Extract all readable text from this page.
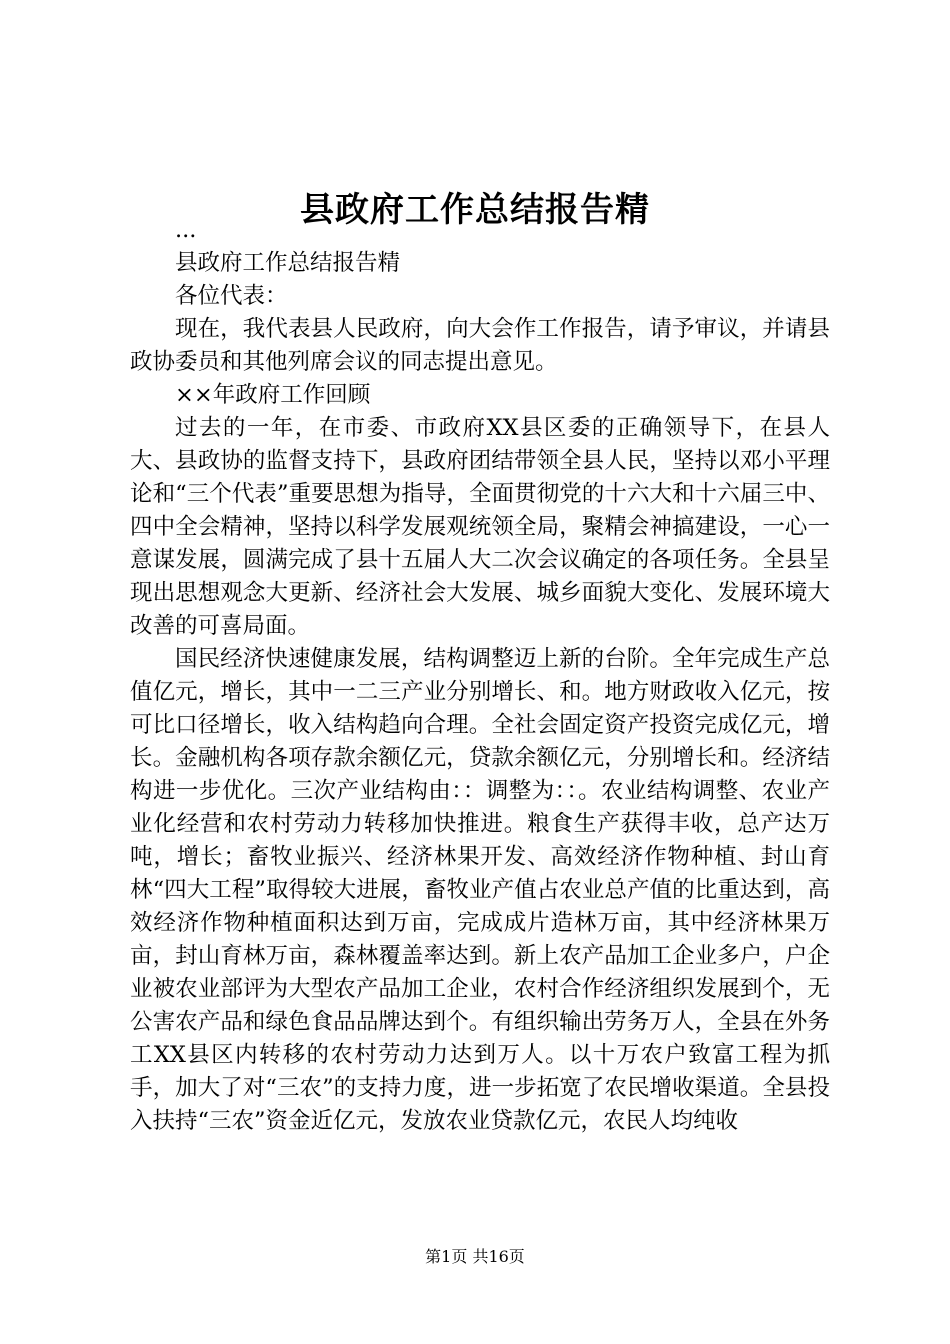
县政府工作总结报告精

...

县政府工作总结报告精

各位代表：

现在，我代表县人民政府，向大会作工作报告，请予审议，并请县政协委员和其他列席会议的同志提出意见。

××年政府工作回顾

过去的一年，在市委、市政府XX县区委的正确领导下，在县人大、县政协的监督支持下，县政府团结带领全县人民，坚持以邓小平理论和“三个代表”重要思想为指导，全面贯彻党的十六大和十六届三中、四中全会精神，坚持以科学发展观统领全局，聚精会神搞建设，一心一意谋发展，圆满完成了县十五届人大二次会议确定的各项任务。全县呈现出思想观念大更新、经济社会大发展、城乡面貌大变化、发展环境大改善的可喜局面。

国民经济快速健康发展，结构调整迈上新的台阶。全年完成生产总值亿元，增长，其中一二三产业分别增长、和。地方财政收入亿元，按可比口径增长，收入结构趋向合理。全社会固定资产投资完成亿元，增长。金融机构各项存款余额亿元，贷款余额亿元，分别增长和。经济结构进一步优化。三次产业结构由：：调整为：：。农业结构调整、农业产业化经营和农村劳动力转移加快推进。粮食生产获得丰收，总产达万吨，增长；畜牧业振兴、经济林果开发、高效经济作物种植、封山育林“四大工程”取得较大进展，畜牧业产值占农业总产值的比重达到，高效经济作物种植面积达到万亩，完成成片造林万亩，其中经济林果万亩，封山育林万亩，森林覆盖率达到。新上农产品加工企业多户，户企业被农业部评为大型农产品加工企业，农村合作经济组织发展到个，无公害农产品和绿色食品品牌达到个。有组织输出劳务万人，全县在外务工XX县区内转移的农村劳动力达到万人。以十万农户致富工程为抓手，加大了对“三农”的支持力度，进一步拓宽了农民增收渠道。全县投入扶持“三农”资金近亿元，发放农业贷款亿元，农民人均纯收

第1页 共16页
